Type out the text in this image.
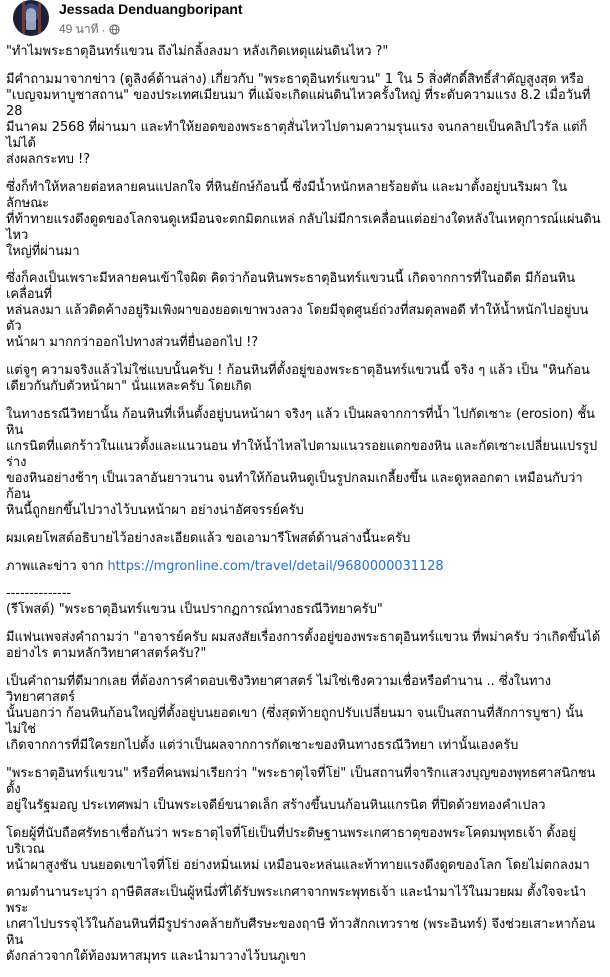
Jessada Denduangboripant
49 นาที ·

"ทำไมพระธาตุอินทร์แขวน ถึงไม่กลิ้งลงมา หลังเกิดเหตุแผ่นดินไหว ?"

มีคำถามมาจากข่าว (ดูลิงค์ด้านล่าง) เกี่ยวกับ "พระธาตุอินทร์แขวน" 1 ใน 5 สิ่งศักดิ์สิทธิ์สำคัญสูงสุด หรือ
"เบญจมหาบูชาสถาน" ของประเทศเมียนมา ที่แม้จะเกิดแผ่นดินไหวครั้งใหญ่ ที่ระดับความแรง 8.2 เมื่อวันที่ 28
มีนาคม 2568 ที่ผ่านมา และทำให้ยอดของพระธาตุสั่นไหวไปตามความรุนแรง จนกลายเป็นคลิปไวรัล แต่ก็ไม่ได้
ส่งผลกระทบ !?

ซึ่งก็ทำให้หลายต่อหลายคนแปลกใจ ที่หินยักษ์ก้อนนี้ ซึ่งมีน้ำหนักหลายร้อยตัน และมาตั้งอยู่บนริมผา ในลักษณะ
ที่ท้าทายแรงดึงดูดของโลกจนดูเหมือนจะตกมิตกแหล่ กลับไม่มีการเคลื่อนแต่อย่างใดหลังในเหตุการณ์แผ่นดินไหว
ใหญ่ที่ผ่านมา

ซึ่งก็คงเป็นเพราะมีหลายคนเข้าใจผิด คิดว่าก้อนหินพระธาตุอินทร์แขวนนี้ เกิดจากการที่ในอดีต มีก้อนหินเคลื่อนที่
หล่นลงมา แล้วติดค้างอยู่ริมเพิงผาของยอดเขาพวงลวง โดยมีจุดศูนย์ถ่วงที่สมดุลพอดี ทำให้น้ำหนักไปอยู่บนตัว
หน้าผา มากกว่าออกไปทางส่วนที่ยื่นออกไป !?

แต่จูๆ ความจริงแล้วไม่ใช่แบบนั้นครับ ! ก้อนหินที่ตั้งอยู่ของพระธาตุอินทร์แขวนนี้ จริง ๆ แล้ว เป็น "หินก้อน
เดียวกันกับตัวหน้าผา" นั่นแหละครับ โดยเกิด

ในทางธรณีวิทยานั้น ก้อนหินที่เห็นตั้งอยู่บนหน้าผา จริงๆ แล้ว เป็นผลจากการที่น้ำ ไปกัดเซาะ (erosion) ชั้นหิน
แกรนิตที่แตกร้าวในแนวตั้งและแนวนอน ทำให้น้ำไหลไปตามแนวรอยแตกของหิน และกัดเซาะเปลี่ยนแปรรูปร่าง
ของหินอย่างช้าๆ เป็นเวลาอันยาวนาน จนทำให้ก้อนหินดูเป็นรูปกลมเกลี้ยงขึ้น และดูหลอกตา เหมือนกับว่าก้อน
หินนี้ถูกยกขึ้นไปวางไว้บนหน้าผา อย่างน่าอัศจรรย์ครับ

ผมเคยโพสต์อธิบายไว้อย่างละเอียดแล้ว ขอเอามารีโพสต์ด้านล่างนี้นะครับ

ภาพและข่าว จาก https://mgronline.com/travel/detail/9680000031128

--------------

(รีโพสต์) "พระธาตุอินทร์แขวน เป็นปรากฏการณ์ทางธรณีวิทยาครับ"

มีแฟนเพจส่งคำถามว่า "อาจารย์ครับ ผมสงสัยเรื่องการตั้งอยู่ของพระธาตุอินทร์แขวน ที่พม่าครับ ว่าเกิดขึ้นได้
อย่างไร ตามหลักวิทยาศาสตร์ครับ?"

เป็นคำถามที่ดีมากเลย ที่ต้องการคำตอบเชิงวิทยาศาสตร์ ไม่ใช่เชิงความเชื่อหรือตำนาน .. ซึ่งในทางวิทยาศาสตร์
นั้นบอกว่า ก้อนหินก้อนใหญ่ที่ตั้งอยู่บนยอดเขา (ซึ่งสุดท้ายถูกปรับเปลี่ยนมา จนเป็นสถานที่สักการบูชา) นั้นไม่ใช่
เกิดจากการที่มีใครยกไปตั้ง แต่ว่าเป็นผลจากการกัดเซาะของหินทางธรณีวิทยา เท่านั้นเองครับ

"พระธาตุอินทร์แขวน" หรือที่คนพม่าเรียกว่า "พระธาตุไจที่โย่" เป็นสถานที่จาริกแสวงบุญของพุทธศาสนิกชน ตั้ง
อยู่ในรัฐมอญ ประเทศพม่า เป็นพระเจดีย์ขนาดเล็ก สร้างขึ้นบนก้อนหินแกรนิต ที่ปิดด้วยทองคำเปลว

โดยผู้ที่นับถือศรัทธาเชื่อกันว่า พระธาตุไจที่โย่เป็นที่ประดิษฐานพระเกศาธาตุของพระโคดมพุทธเจ้า ตั้งอยู่บริเวณ
หน้าผาสูงชัน บนยอดเขาไจที่โย่ อย่างหมิ่นเหม่ เหมือนจะหล่นและท้าทายแรงดึงดูดของโลก โดยไม่ตกลงมา

ตามตำนานระบุว่า ฤาษีติสสะเป็นผู้หนึ่งที่ได้รับพระเกศาจากพระพุทธเจ้า และนำมาไว้ในมวยผม ตั้งใจจะนำพระ
เกศาไปบรรจุไว้ในก้อนหินที่มีรูปร่างคล้ายกับศีรษะของฤาษี ท้าวสักกเทวราช (พระอินทร์) จึงช่วยเสาะหาก้อนหิน
ดังกล่าวจากใต้ท้องมหาสมุทร และนำมาวางไว้บนภูเขา
